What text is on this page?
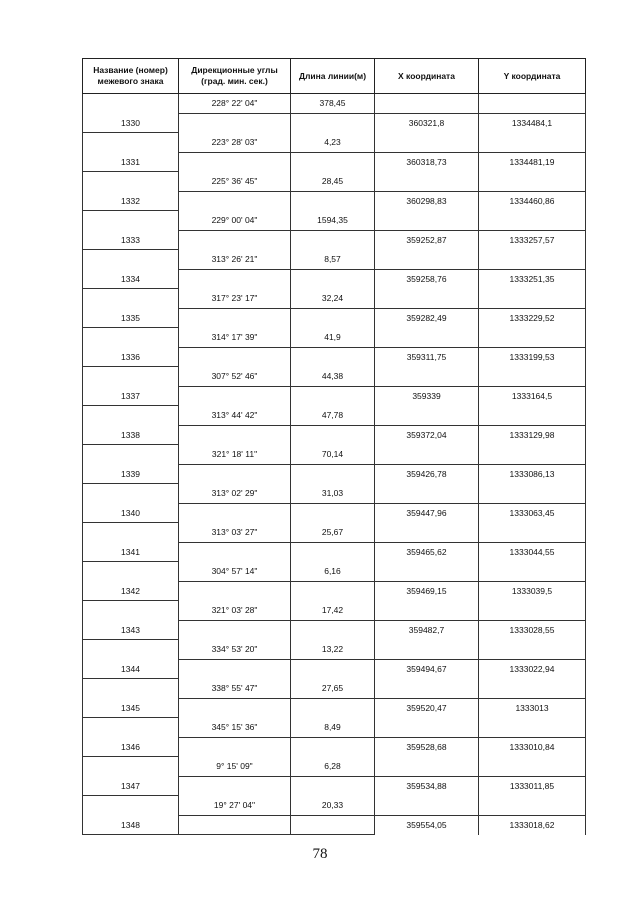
Название (номер) межевого знака	Дирекционные углы (град. мин. сек.)	Длина линии(м)	X координата	Y координата
	228° 22' 04"	378,45		
1330			360321,8	1334484,1
	223° 28' 03"	4,23		
1331			360318,73	1334481,19
	225° 36' 45"	28,45		
1332			360298,83	1334460,86
	229° 00' 04"	1594,35		
1333			359252,87	1333257,57
	313° 26' 21"	8,57		
1334			359258,76	1333251,35
	317° 23' 17"	32,24		
1335			359282,49	1333229,52
	314° 17' 39"	41,9		
1336			359311,75	1333199,53
	307° 52' 46"	44,38		
1337			359339	1333164,5
	313° 44' 42"	47,78		
1338			359372,04	1333129,98
	321° 18' 11"	70,14		
1339			359426,78	1333086,13
	313° 02' 29"	31,03		
1340			359447,96	1333063,45
	313° 03' 27"	25,67		
1341			359465,62	1333044,55
	304° 57' 14"	6,16		
1342			359469,15	1333039,5
	321° 03' 28"	17,42		
1343			359482,7	1333028,55
	334° 53' 20"	13,22		
1344			359494,67	1333022,94
	338° 55' 47"	27,65		
1345			359520,47	1333013
	345° 15' 36"	8,49		
1346			359528,68	1333010,84
	9° 15' 09"	6,28		
1347			359534,88	1333011,85
	19° 27' 04"	20,33		
1348			359554,05	1333018,62
78
